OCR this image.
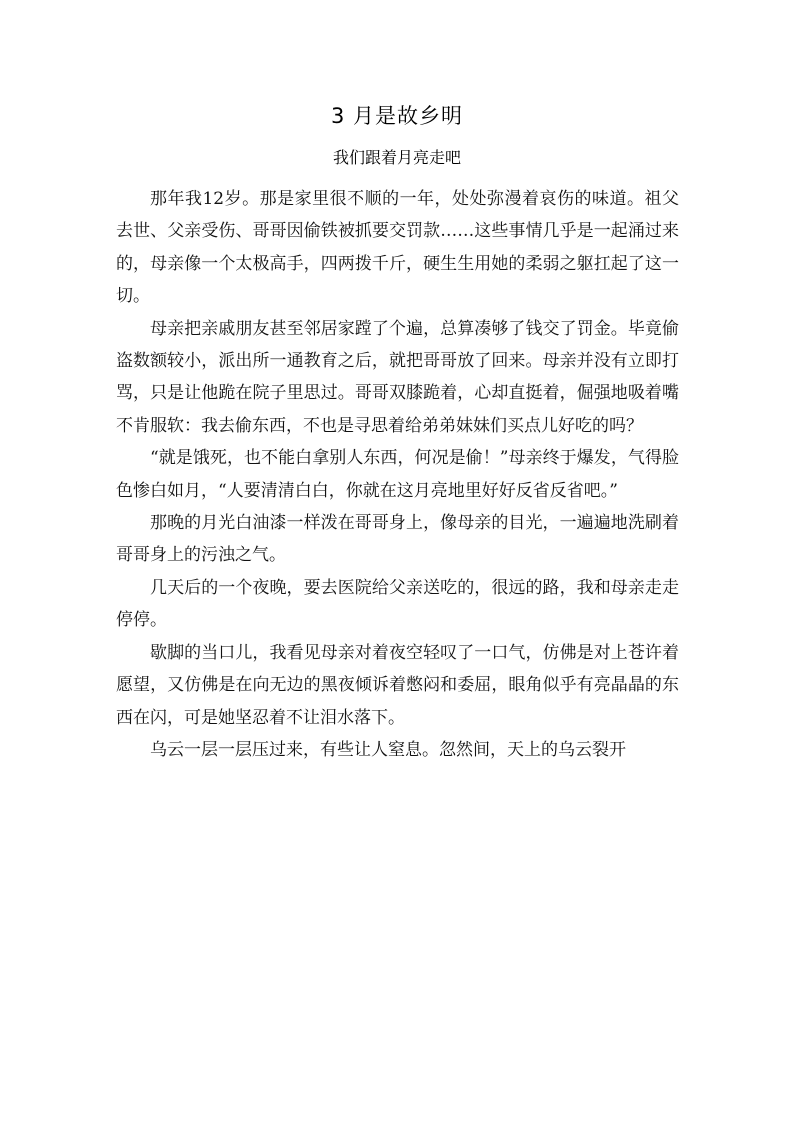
3 月是故乡明
我们跟着月亮走吧

那年我12岁。那是家里很不顺的一年，处处弥漫着哀伤的味道。祖父去世、父亲受伤、哥哥因偷铁被抓要交罚款……这些事情几乎是一起涌过来的，母亲像一个太极高手，四两拨千斤，硬生生用她的柔弱之躯扛起了这一切。

母亲把亲戚朋友甚至邻居家蹚了个遍，总算凑够了钱交了罚金。毕竟偷盗数额较小，派出所一通教育之后，就把哥哥放了回来。母亲并没有立即打骂，只是让他跪在院子里思过。哥哥双膝跪着，心却直挺着，倔强地吸着嘴不肯服软：我去偷东西，不也是寻思着给弟弟妹妹们买点儿好吃的吗？

“就是饿死，也不能白拿别人东西，何况是偷！”母亲终于爆发，气得脸色惨白如月，“人要清清白白，你就在这月亮地里好好反省反省吧。”

那晚的月光白油漆一样泼在哥哥身上，像母亲的目光，一遍遍地洗刷着哥哥身上的污浊之气。

几天后的一个夜晚，要去医院给父亲送吃的，很远的路，我和母亲走走停停。

歇脚的当口儿，我看见母亲对着夜空轻叹了一口气，仿佛是对上苍许着愿望，又仿佛是在向无边的黑夜倾诉着憋闷和委屈，眼角似乎有亮晶晶的东西在闪，可是她坚忍着不让泪水落下。

乌云一层一层压过来，有些让人窒息。忽然间，天上的乌云裂开
